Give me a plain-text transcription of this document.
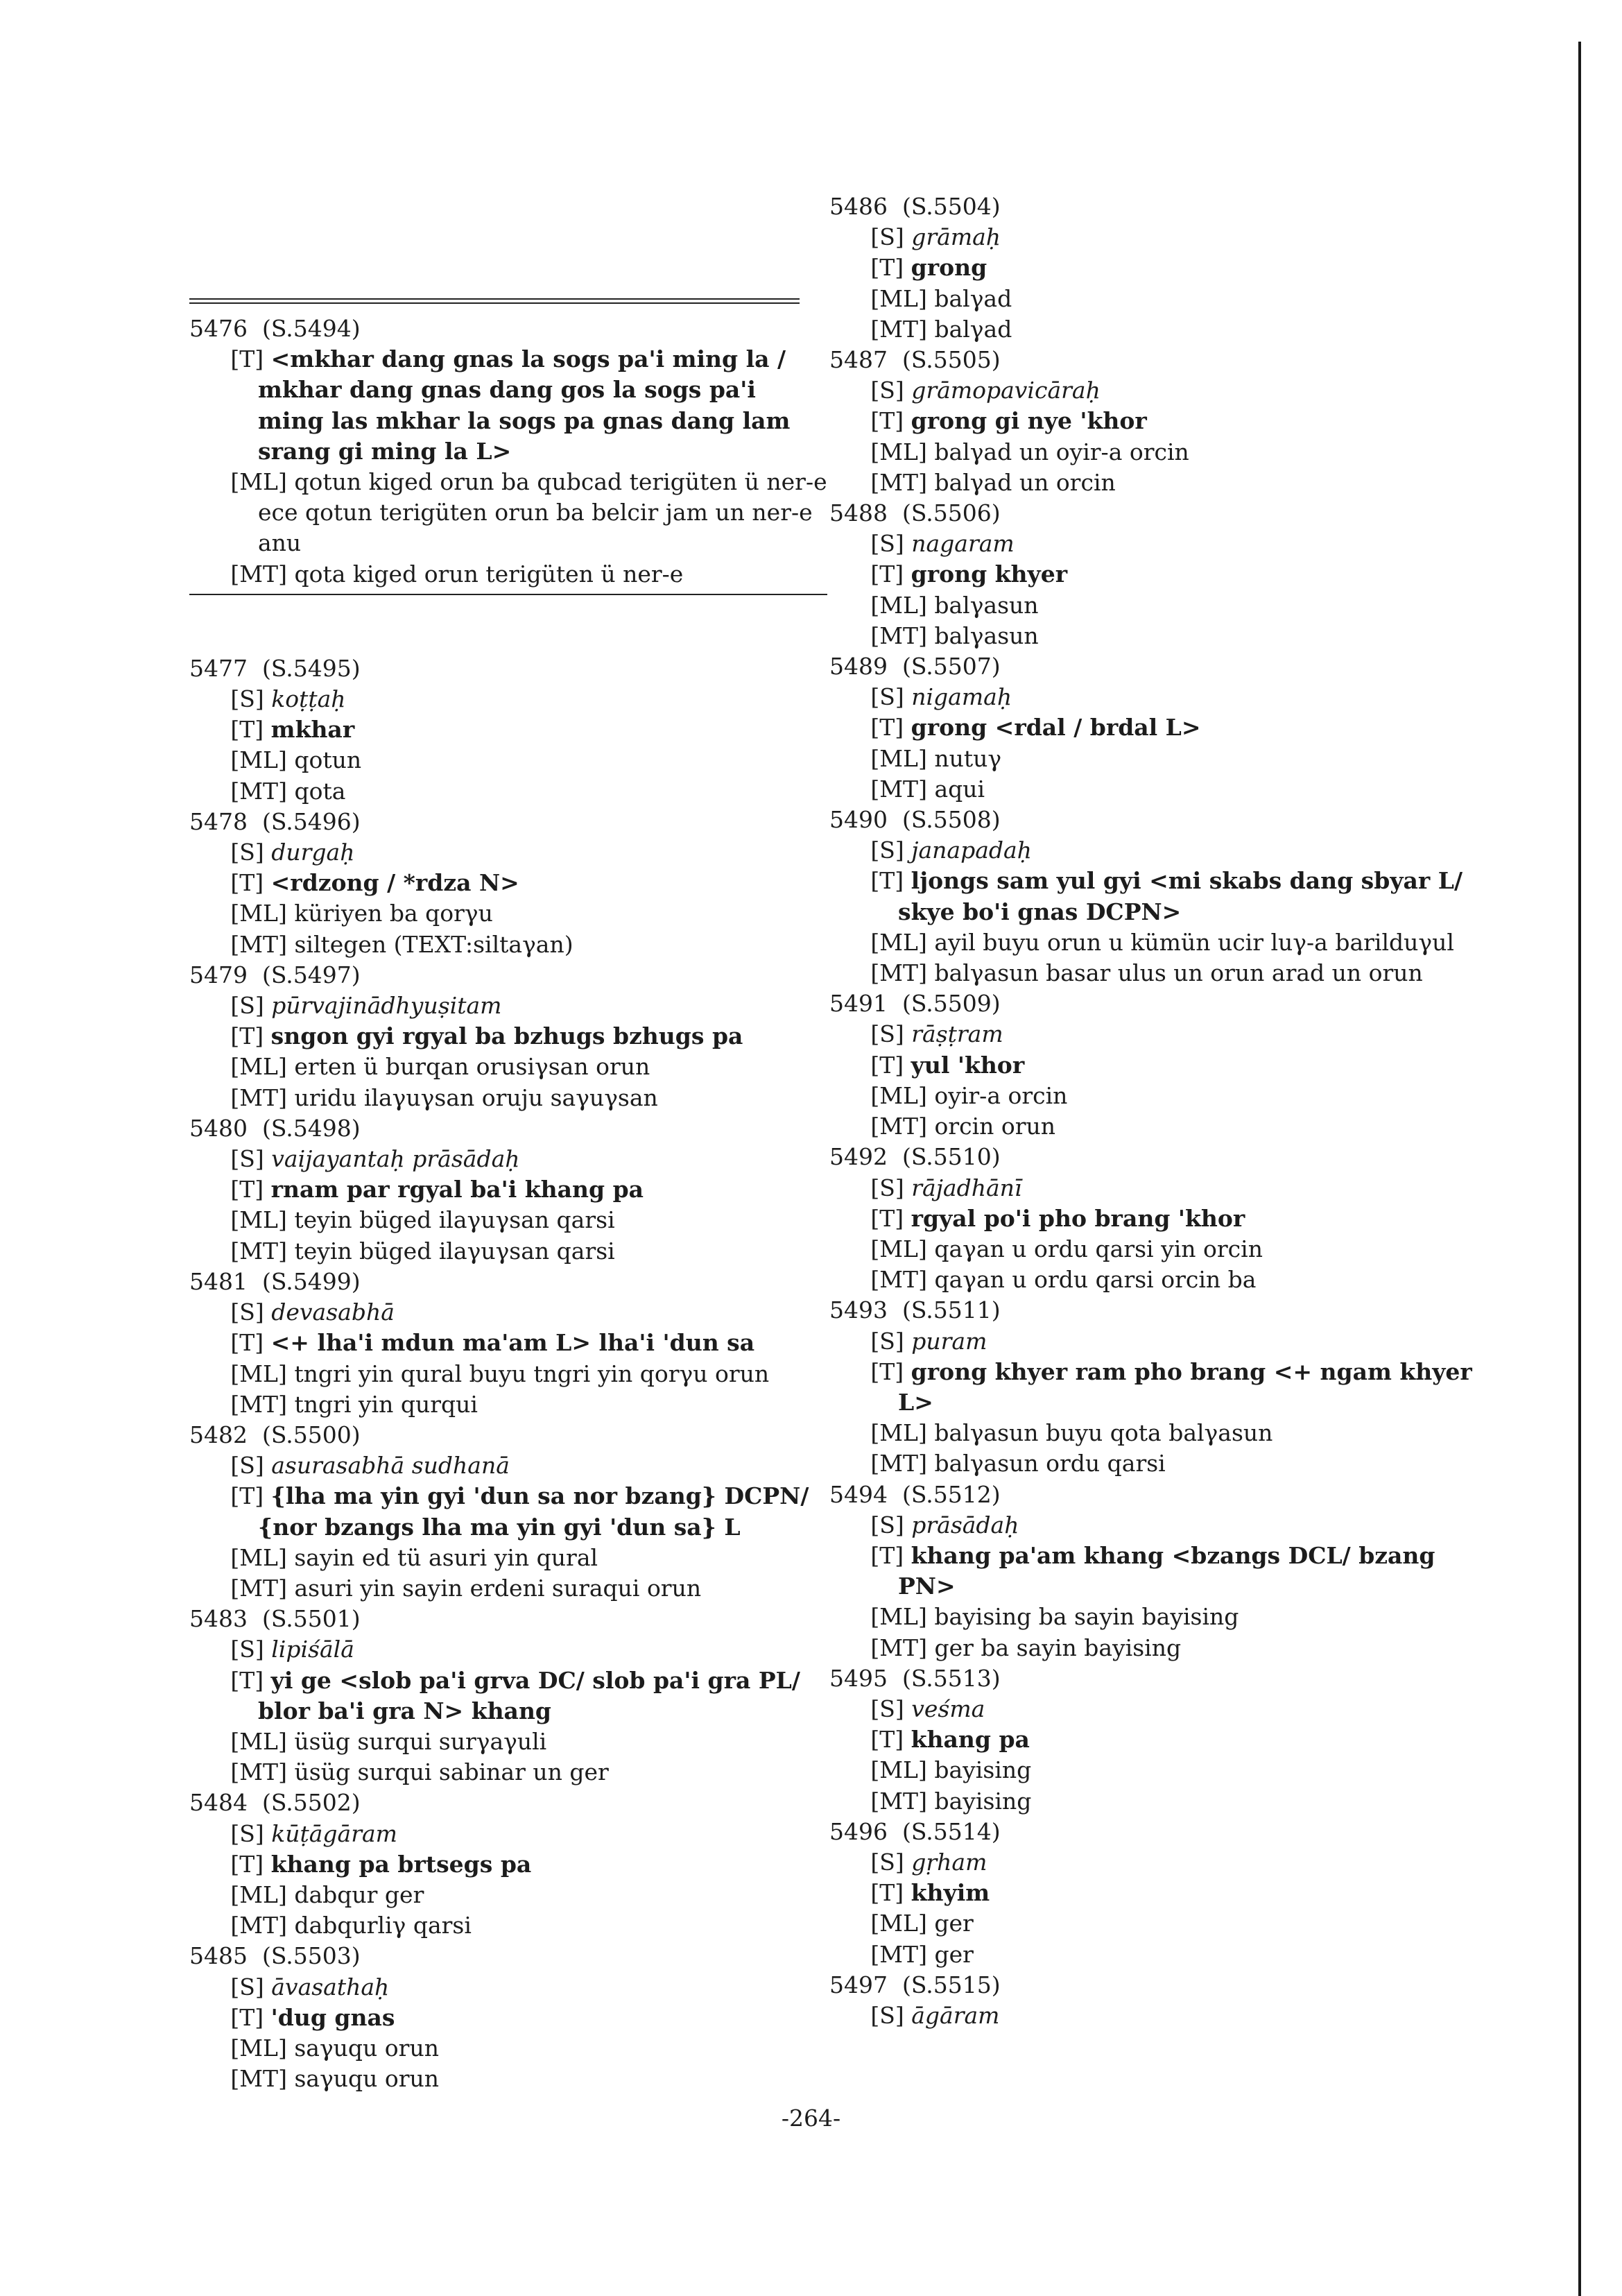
5476 (S.5494)
[T] <mkhar dang gnas la sogs pa'i ming la / mkhar dang gnas dang gos la sogs pa'i ming las mkhar la sogs pa gnas dang lam srang gi ming la L>
[ML] qotun kiged orun ba qubcad terigüten ü ner-e ece qotun terigüten orun ba belcir jam un ner-e anu
[MT] qota kiged orun terigüten ü ner-e
5477 (S.5495)
[S] koṭṭaḥ
[T] mkhar
[ML] qotun
[MT] qota
5478 (S.5496)
[S] durgaḥ
[T] <rdzong / *rdza N>
[ML] küriyen ba qorγu
[MT] siltegen (TEXT:siltaγan)
5479 (S.5497)
[S] pūrvajinādhyuṣitam
[T] sngon gyi rgyal ba bzhugs bzhugs pa
[ML] erten ü burqan orusiγsan orun
[MT] uridu ilaγuγsan oruju saγuγsan
5480 (S.5498)
[S] vaijayantaḥ prāsādaḥ
[T] rnam par rgyal ba'i khang pa
[ML] teyin büged ilaγuγsan qarsi
[MT] teyin büged ilaγuγsan qarsi
5481 (S.5499)
[S] devasabhā
[T] <+ lha'i mdun ma'am L> lha'i 'dun sa
[ML] tngri yin qural buyu tngri yin qorγu orun
[MT] tngri yin qurqui
5482 (S.5500)
[S] asurasabhā sudhanā
[T] {lha ma yin gyi 'dun sa nor bzang} DCPN/ {nor bzangs lha ma yin gyi 'dun sa} L
[ML] sayin ed tü asuri yin qural
[MT] asuri yin sayin erdeni suraqui orun
5483 (S.5501)
[S] lipiśālā
[T] yi ge <slob pa'i grva DC/ slob pa'i gra PL/ blor ba'i gra N> khang
[ML] üsüg surqui surγaγuli
[MT] üsüg surqui sabinar un ger
5484 (S.5502)
[S] kūṭāgāram
[T] khang pa brtsegs pa
[ML] dabqur ger
[MT] dabqurliγ qarsi
5485 (S.5503)
[S] āvasathaḥ
[T] 'dug gnas
[ML] saγuqu orun
[MT] saγuqu orun
5486 (S.5504)
[S] grāmaḥ
[T] grong
[ML] balγad
[MT] balγad
5487 (S.5505)
[S] grāmopavicāraḥ
[T] grong gi nye 'khor
[ML] balγad un oyir-a orcin
[MT] balγad un orcin
5488 (S.5506)
[S] nagaram
[T] grong khyer
[ML] balγasun
[MT] balγasun
5489 (S.5507)
[S] nigamaḥ
[T] grong <rdal / brdal L>
[ML] nutuγ
[MT] aqui
5490 (S.5508)
[S] janapadaḥ
[T] ljongs sam yul gyi <mi skabs dang sbyar L/ skye bo'i gnas DCPN>
[ML] ayil buyu orun u kümün ucir luγ-a barilduγul
[MT] balγasun basar ulus un orun arad un orun
5491 (S.5509)
[S] rāṣṭram
[T] yul 'khor
[ML] oyir-a orcin
[MT] orcin orun
5492 (S.5510)
[S] rājadhānī
[T] rgyal po'i pho brang 'khor
[ML] qaγan u ordu qarsi yin orcin
[MT] qaγan u ordu qarsi orcin ba
5493 (S.5511)
[S] puram
[T] grong khyer ram pho brang <+ ngam khyer L>
[ML] balγasun buyu qota balγasun
[MT] balγasun ordu qarsi
5494 (S.5512)
[S] prāsādaḥ
[T] khang pa'am khang <bzangs DCL/ bzang PN>
[ML] bayising ba sayin bayising
[MT] ger ba sayin bayising
5495 (S.5513)
[S] veśma
[T] khang pa
[ML] bayising
[MT] bayising
5496 (S.5514)
[S] gṛham
[T] khyim
[ML] ger
[MT] ger
5497 (S.5515)
[S] āgāram
-264-
